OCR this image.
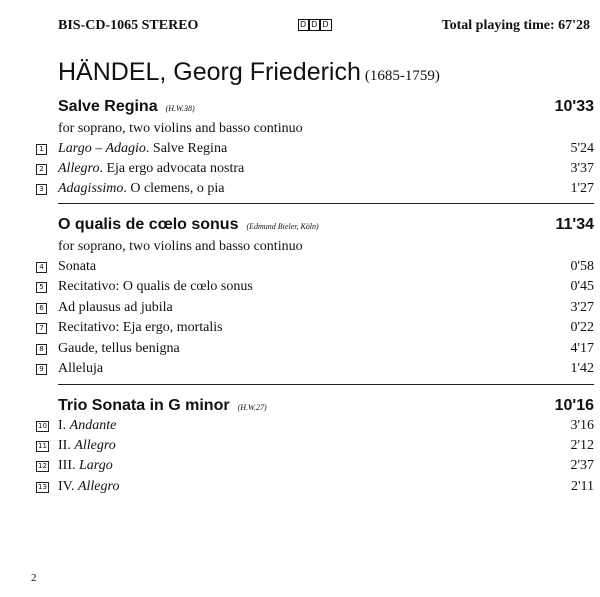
BIS-CD-1065 STEREO	D D D	Total playing time: 67'28
HÄNDEL, Georg Friederich (1685-1759)
Salve Regina (H.W.38)	10'33
for soprano, two violins and basso continuo
1 Largo – Adagio. Salve Regina	5'24
2 Allegro. Eja ergo advocata nostra	3'37
3 Adagissimo. O clemens, o pia	1'27
O qualis de cœlo sonus (Edmund Bieler, Köln)	11'34
for soprano, two violins and basso continuo
4 Sonata	0'58
5 Recitativo: O qualis de cœlo sonus	0'45
6 Ad plausus ad jubila	3'27
7 Recitativo: Eja ergo, mortalis	0'22
8 Gaude, tellus benigna	4'17
9 Alleluja	1'42
Trio Sonata in G minor (H.W.27)	10'16
10 I. Andante	3'16
11 II. Allegro	2'12
12 III. Largo	2'37
13 IV. Allegro	2'11
2
